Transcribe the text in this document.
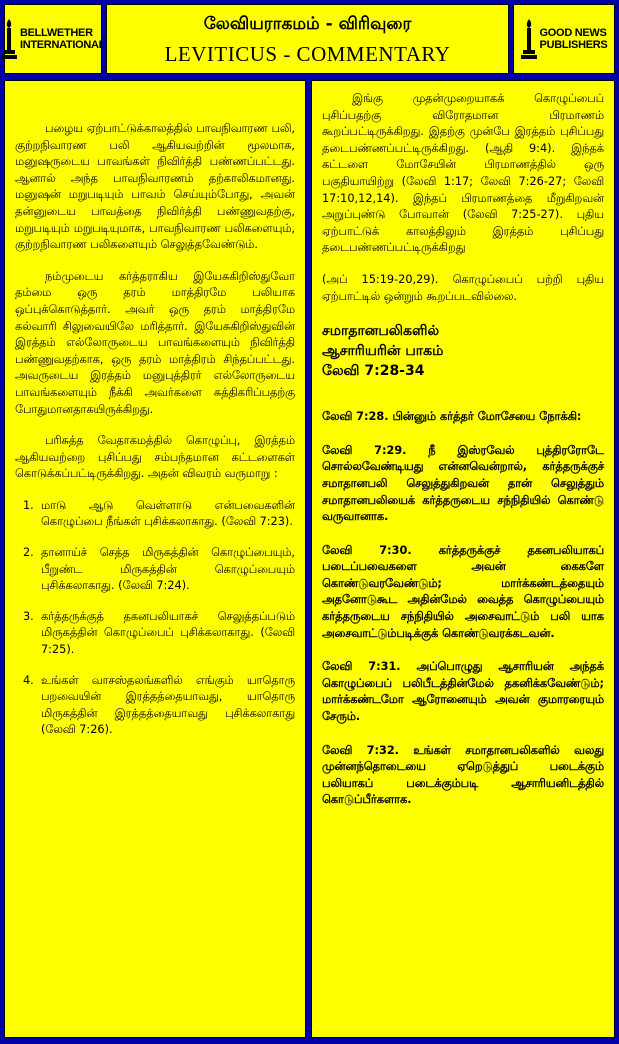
BELLWETHER
INTERNATIONAL
லேவியராகமம் - விரிவுரை
LEVITICUS - COMMENTARY
GOOD NEWS
PUBLISHERS

பழைய ஏற்பாட்டுக்காலத்தில் பாவநிவாரண பலி, குற்றநிவாரண பலி ஆகியவற்றின் மூலமாக, மனுஷருடைய பாவங்கள் நிவிர்த்தி பண்ணப்பட்டது. ஆனால் அந்த பாவநிவாரணம் தற்காலிகமானது. மனுஷன் மறுபடியும் பாவம் செய்யும்போது, அவன் தன்னுடைய பாவத்தை நிவிர்த்தி பண்ணுவதற்கு, மறுபடியும் மறுபடியுமாக, பாவநிவாரண பலிகளையும், குற்றநிவாரண பலிகளையும் செலுத்தவேண்டும்.

நம்முடைய கர்த்தராகிய இயேசுகிறிஸ்துவோ தம்மை ஒரு தரம் மாத்திரமே பலியாக ஒப்புக்கொடுத்தார். அவர் ஒரு தரம் மாத்திரமே கல்வாரி சிலுவையிலே மரித்தார். இயேசுகிறிஸ்துவின் இரத்தம் எல்லோருடைய பாவங்களையும் நிவிர்த்தி பண்ணுவதற்காக, ஒரு தரம் மாத்திரம் சிந்தப்பட்டது. அவருடைய இரத்தம் மனுபுத்திரர் எல்லோருடைய பாவங்களையும் நீக்கி அவர்களை சுத்திகரிப்பதற்கு போதுமானதாகயிருக்கிறது.

பரிசுத்த வேதாகமத்தில் கொழுப்பு, இரத்தம் ஆகியவற்றை புசிப்பது சம்பந்தமான கட்டளைகள் கொடுக்கப்பட்டிருக்கிறது. அதன் விவரம் வருமாறு :

1. மாடு ஆடு வெள்ளாடு என்பவைகளின் கொழுப்பை நீங்கள் புசிக்கலாகாது. (லேவி 7:23).
2. தானாய்ச் செத்த மிருகத்தின் கொழுப்பையும், பீறுண்ட மிருகத்தின் கொழுப்பையும் புசிக்கலாகாது. (லேவி 7:24).
3. கர்த்தருக்குத் தகனபலியாகச் செலுத்தப்படும் மிருகத்தின் கொழுப்பைப் புசிக்கலாகாது. (லேவி 7:25).
4. உங்கள் வாசஸ்தலங்களில் எங்கும் யாதொரு பறவையின் இரத்தத்தையாவது, யாதொரு மிருகத்தின் இரத்தத்தையாவது புசிக்கலாகாது (லேவி 7:26).

இங்கு முதன்முறையாகக் கொழுப்பைப் புசிப்பதற்கு விரோதமான பிரமாணம் கூறப்பட்டிருக்கிறது. இதற்கு முன்பே இரத்தம் புசிப்பது தடைபண்ணப்பட்டிருக்கிறது. (ஆதி 9:4). இந்தக் கட்டளை மோசேயின் பிரமாணத்தில் ஒரு பகுதியாயிற்று (லேவி 1:17; லேவி 7:26-27; லேவி 17:10,12,14). இந்தப் பிரமாணத்தை மீறுகிறவன் அறுப்புண்டு போவான் (லேவி 7:25-27). புதிய ஏற்பாட்டுக் காலத்திலும் இரத்தம் புசிப்பது தடைபண்ணப்பட்டிருக்கிறது

(அப் 15:19-20,29). கொழுப்பைப் பற்றி புதிய ஏற்பாட்டில் ஒன்றும் கூறப்படவில்லை.

சமாதானபலிகளில்
ஆசாரியரின் பாகம்
லேவி 7:28-34

லேவி 7:28. பின்னும் கர்த்தர் மோசேயை நோக்கி:

லேவி 7:29. நீ இஸ்ரவேல் புத்திரரோடே சொல்லவேண்டியது என்னவென்றால், கர்த்தருக்குச் சமாதானபலி செலுத்துகிறவன் தான் செலுத்தும் சமாதானபலியைக் கர்த்தருடைய சந்நிதியில் கொண்டு வருவானாக.

லேவி 7:30. கர்த்தருக்குச் தகனபலியாகப் படைப்பவைகளை அவன் கைகளே கொண்டுவரவேண்டும்; மார்க்கண்டத்தையும் அதனோடுகூட அதின்மேல் வைத்த கொழுப்பையும் கர்த்தருடைய சந்நிதியில் அசைவாட்டும் பலி யாக அசைவாட்டும்படிக்குக் கொண்டுவரக்கடவன்.

லேவி 7:31. அப்பொழுது ஆசாரியன் அந்தக் கொழுப்பைப் பலிபீடத்தின்மேல் தகனிக்கவேண்டும்; மார்க்கண்டமோ ஆரோனையும் அவன் குமாரரையும் சேரும்.

லேவி 7:32. உங்கள் சமாதானபலிகளில் வலது முன்னந்தொடையை ஏறெடுத்துப் படைக்கும் பலியாகப் படைக்கும்படி ஆசாரியனிடத்தில் கொடுப்பீர்களாக.
